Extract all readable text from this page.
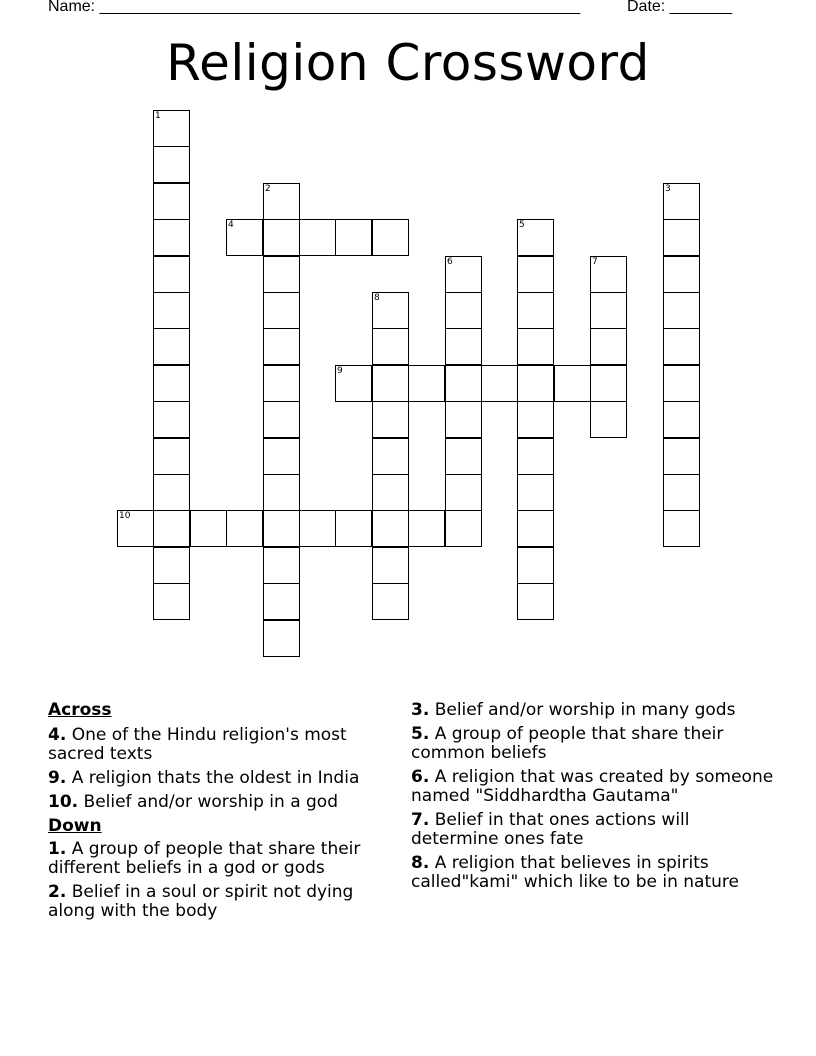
Name: ______________________________________________________	Date: _______
Religion Crossword
1
2	3
4	5
6	7
8
9
10
Across
4. One of the Hindu religion's most sacred texts
9. A religion thats the oldest in India
10. Belief and/or worship in a god
Down
1. A group of people that share their different beliefs in a god or gods
2. Belief in a soul or spirit not dying along with the body
3. Belief and/or worship in many gods
5. A group of people that share their common beliefs
6. A religion that was created by someone named "Siddhardtha Gautama"
7. Belief in that ones actions will determine ones fate
8. A religion that believes in spirits called"kami" which like to be in nature
